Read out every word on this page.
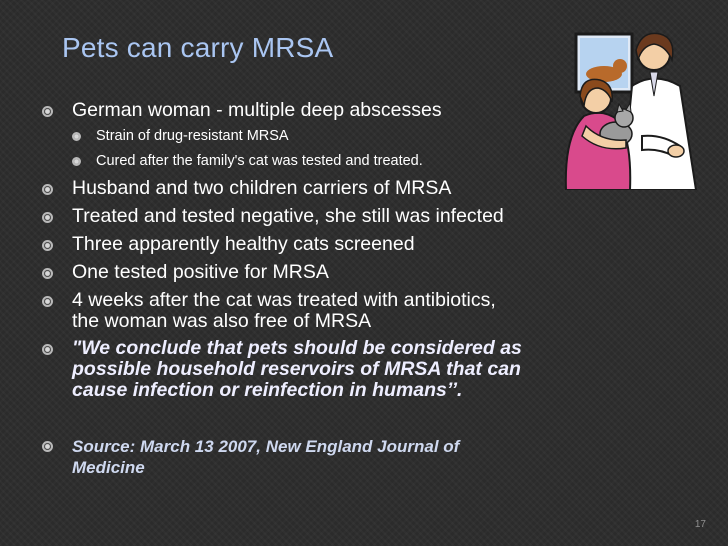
Pets can carry MRSA
German woman - multiple deep abscesses
Strain of drug-resistant MRSA
Cured after the family's cat was tested and treated.
Husband and two children carriers of MRSA
Treated and tested negative, she still was infected
Three apparently healthy cats screened
One tested positive for MRSA
4 weeks after the cat was treated with antibiotics,
the woman was also free of MRSA
"We conclude that pets should be considered as
possible household reservoirs of MRSA that can
cause infection or reinfection in humans’’.
Source: March 13 2007, New England Journal of
Medicine
17
